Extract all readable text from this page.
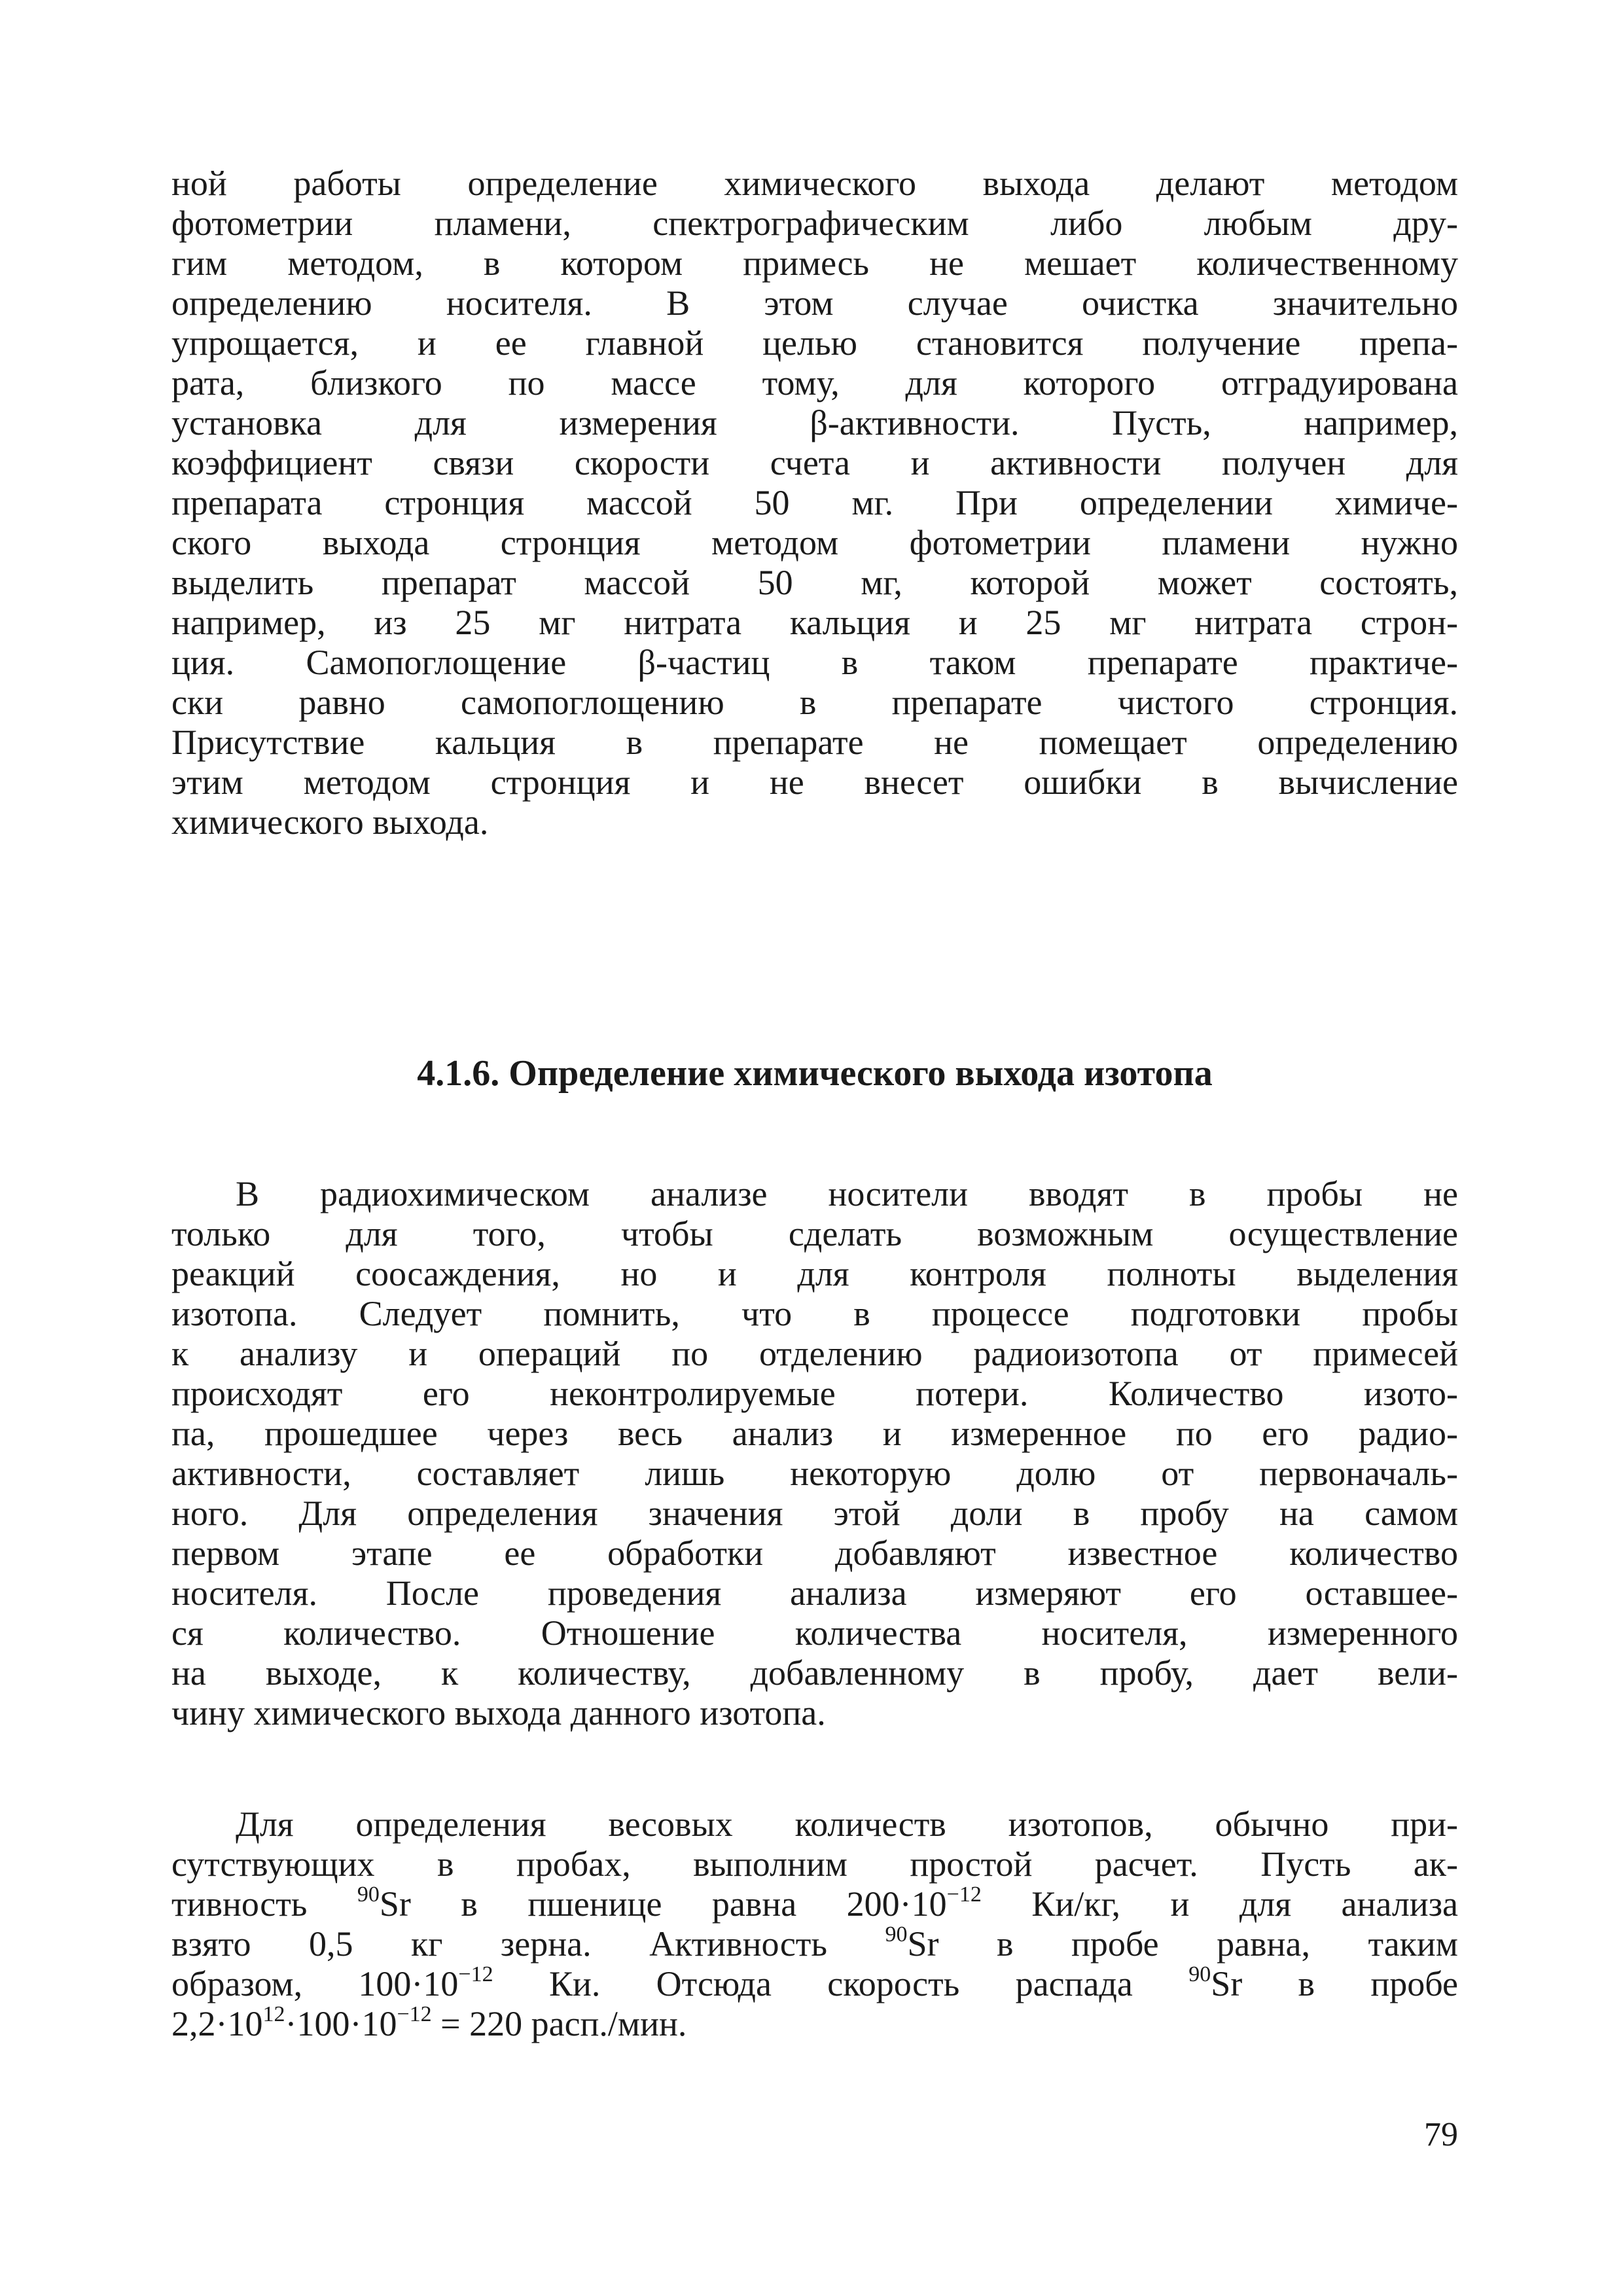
ной работы определение химического выхода делают методом
фотометрии пламени, спектрографическим либо любым дру-
гим методом, в котором примесь не мешает количественному
определению носителя. В этом случае очистка значительно
упрощается, и ее главной целью становится получение препа-
рата, близкого по массе тому, для которого отградуирована
установка для измерения β-активности. Пусть, например,
коэффициент связи скорости счета и активности получен для
препарата стронция массой 50 мг. При определении химиче-
ского выхода стронция методом фотометрии пламени нужно
выделить препарат массой 50 мг, которой может состоять,
например, из 25 мг нитрата кальция и 25 мг нитрата строн-
ция. Самопоглощение β-частиц в таком препарате практиче-
ски равно самопоглощению в препарате чистого стронция.
Присутствие кальция в препарате не помещает определению
этим методом стронция и не внесет ошибки в вычисление
химического выхода.
4.1.6. Определение химического выхода изотопа
В радиохимическом анализе носители вводят в пробы не
только для того, чтобы сделать возможным осуществление
реакций соосаждения, но и для контроля полноты выделения
изотопа. Следует помнить, что в процессе подготовки пробы
к анализу и операций по отделению радиоизотопа от примесей
происходят его неконтролируемые потери. Количество изото-
па, прошедшее через весь анализ и измеренное по его радио-
активности, составляет лишь некоторую долю от первоначаль-
ного. Для определения значения этой доли в пробу на самом
первом этапе ее обработки добавляют известное количество
носителя. После проведения анализа измеряют его оставшее-
ся количество. Отношение количества носителя, измеренного
на выходе, к количеству, добавленному в пробу, дает вели-
чину химического выхода данного изотопа.
Для определения весовых количеств изотопов, обычно при-
сутствующих в пробах, выполним простой расчет. Пусть ак-
тивность $^{90}$Sr в пшенице равна $200\cdot 10^{-12}$ Ки/кг, и для анализа
взято 0,5 кг зерна. Активность $^{90}$Sr в пробе равна, таким
образом, $100\cdot 10^{-12}$ Ки. Отсюда скорость распада $^{90}$Sr в пробе
$2,2\cdot 10^{12}\cdot 100\cdot 10^{-12} = 220$ расп./мин.
79
